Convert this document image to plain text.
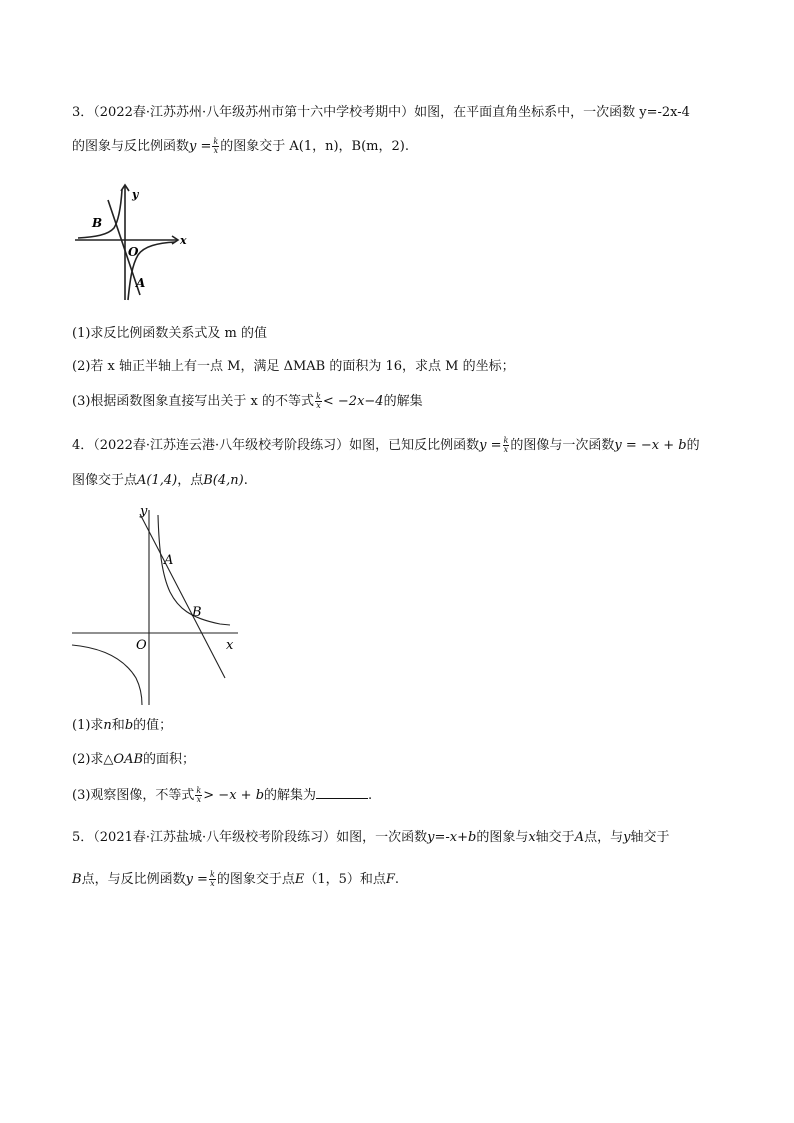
3．（2022春·江苏苏州·八年级苏州市第十六中学校考期中）如图，在平面直角坐标系中，一次函数 y=-2x-4
的图象与反比例函数$y = \frac{k}{x}$ 的图象交于 A(1，n)，B(m，2).
B
O
A
x
y
(1)求反比例函数关系式及 m 的值
(2)若 x 轴正半轴上有一点 M，满足 ΔMAB 的面积为 16，求点 M 的坐标；
(3)根据函数图象直接写出关于 x 的不等式 $\frac{k}{x} < -2x-4$的解集
4．（2022春·江苏连云港·八年级校考阶段练习）如图，已知反比例函数$y = \frac{k}{x}$ 的图像与一次函数y = −x + b的
图像交于点A(1,4)，点B(4,n).
y
A
B
O	x
(1)求n和b的值；
(2)求△OAB的面积；
(3)观察图像，不等式 $\frac{k}{x} > -x + b$的解集为	.
5．（2021春·江苏盐城·八年级校考阶段练习）如图，一次函数y=-x+b的图象与x轴交于A点，与y轴交于
B点，与反比例函数$y = \frac{k}{x}$ 的图象交于点E（1，5）和点F.
